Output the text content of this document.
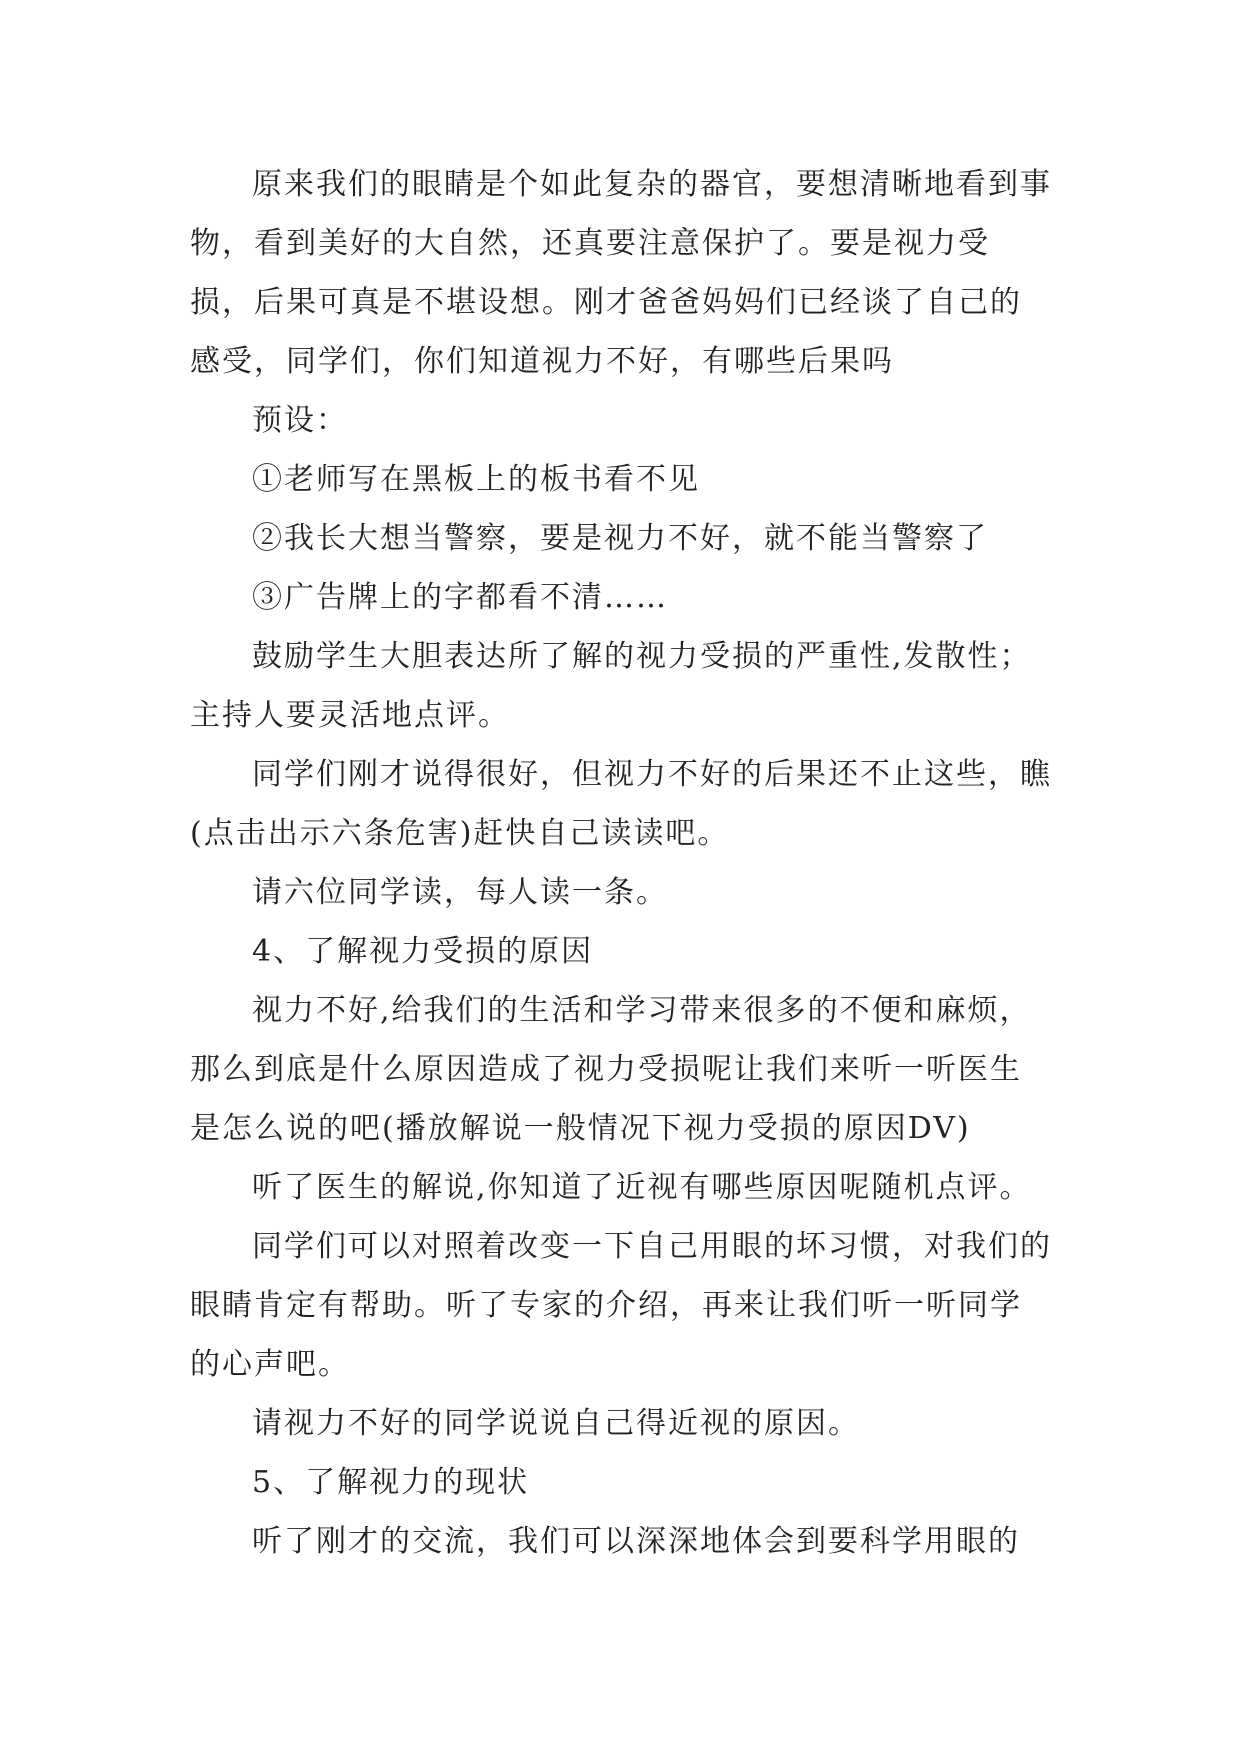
原来我们的眼睛是个如此复杂的器官，要想清晰地看到事物，看到美好的大自然，还真要注意保护了。要是视力受损，后果可真是不堪设想。刚才爸爸妈妈们已经谈了自己的感受，同学们，你们知道视力不好，有哪些后果吗

预设：

①老师写在黑板上的板书看不见

②我长大想当警察，要是视力不好，就不能当警察了

③广告牌上的字都看不清……

鼓励学生大胆表达所了解的视力受损的严重性,发散性；主持人要灵活地点评。

同学们刚才说得很好，但视力不好的后果还不止这些，瞧(点击出示六条危害)赶快自己读读吧。

请六位同学读，每人读一条。

4、了解视力受损的原因

视力不好,给我们的生活和学习带来很多的不便和麻烦，那么到底是什么原因造成了视力受损呢让我们来听一听医生是怎么说的吧(播放解说一般情况下视力受损的原因DV)

听了医生的解说,你知道了近视有哪些原因呢随机点评。

同学们可以对照着改变一下自己用眼的坏习惯，对我们的眼睛肯定有帮助。听了专家的介绍，再来让我们听一听同学的心声吧。

请视力不好的同学说说自己得近视的原因。

5、了解视力的现状

听了刚才的交流，我们可以深深地体会到要科学用眼的
